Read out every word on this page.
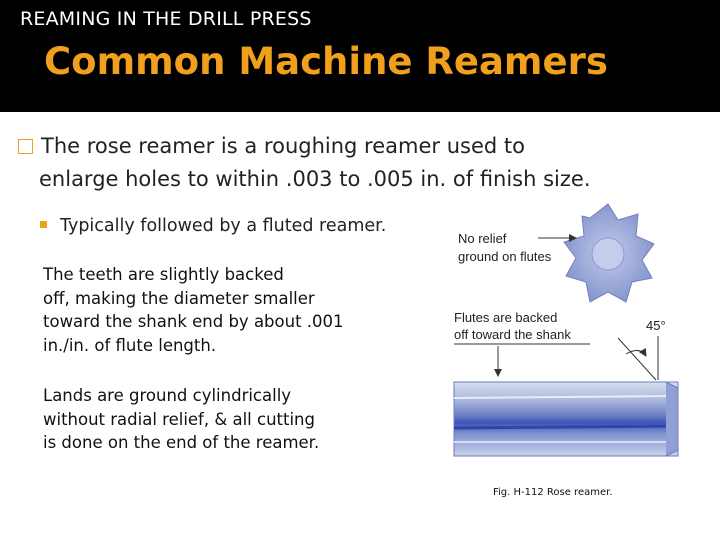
REAMING IN THE DRILL PRESS
Common Machine Reamers
The rose reamer is a roughing reamer used to
enlarge holes to within .003 to .005 in. of finish size.
Typically followed by a fluted reamer.
The teeth are slightly backed
off, making the diameter smaller
toward the shank end by about .001
in./in. of flute length.
Lands are ground cylindrically
without radial relief, & all cutting
is done on the end of the reamer.
No relief
ground on flutes
Flutes are backed
off toward the shank
45°
Fig. H-112 Rose reamer.
